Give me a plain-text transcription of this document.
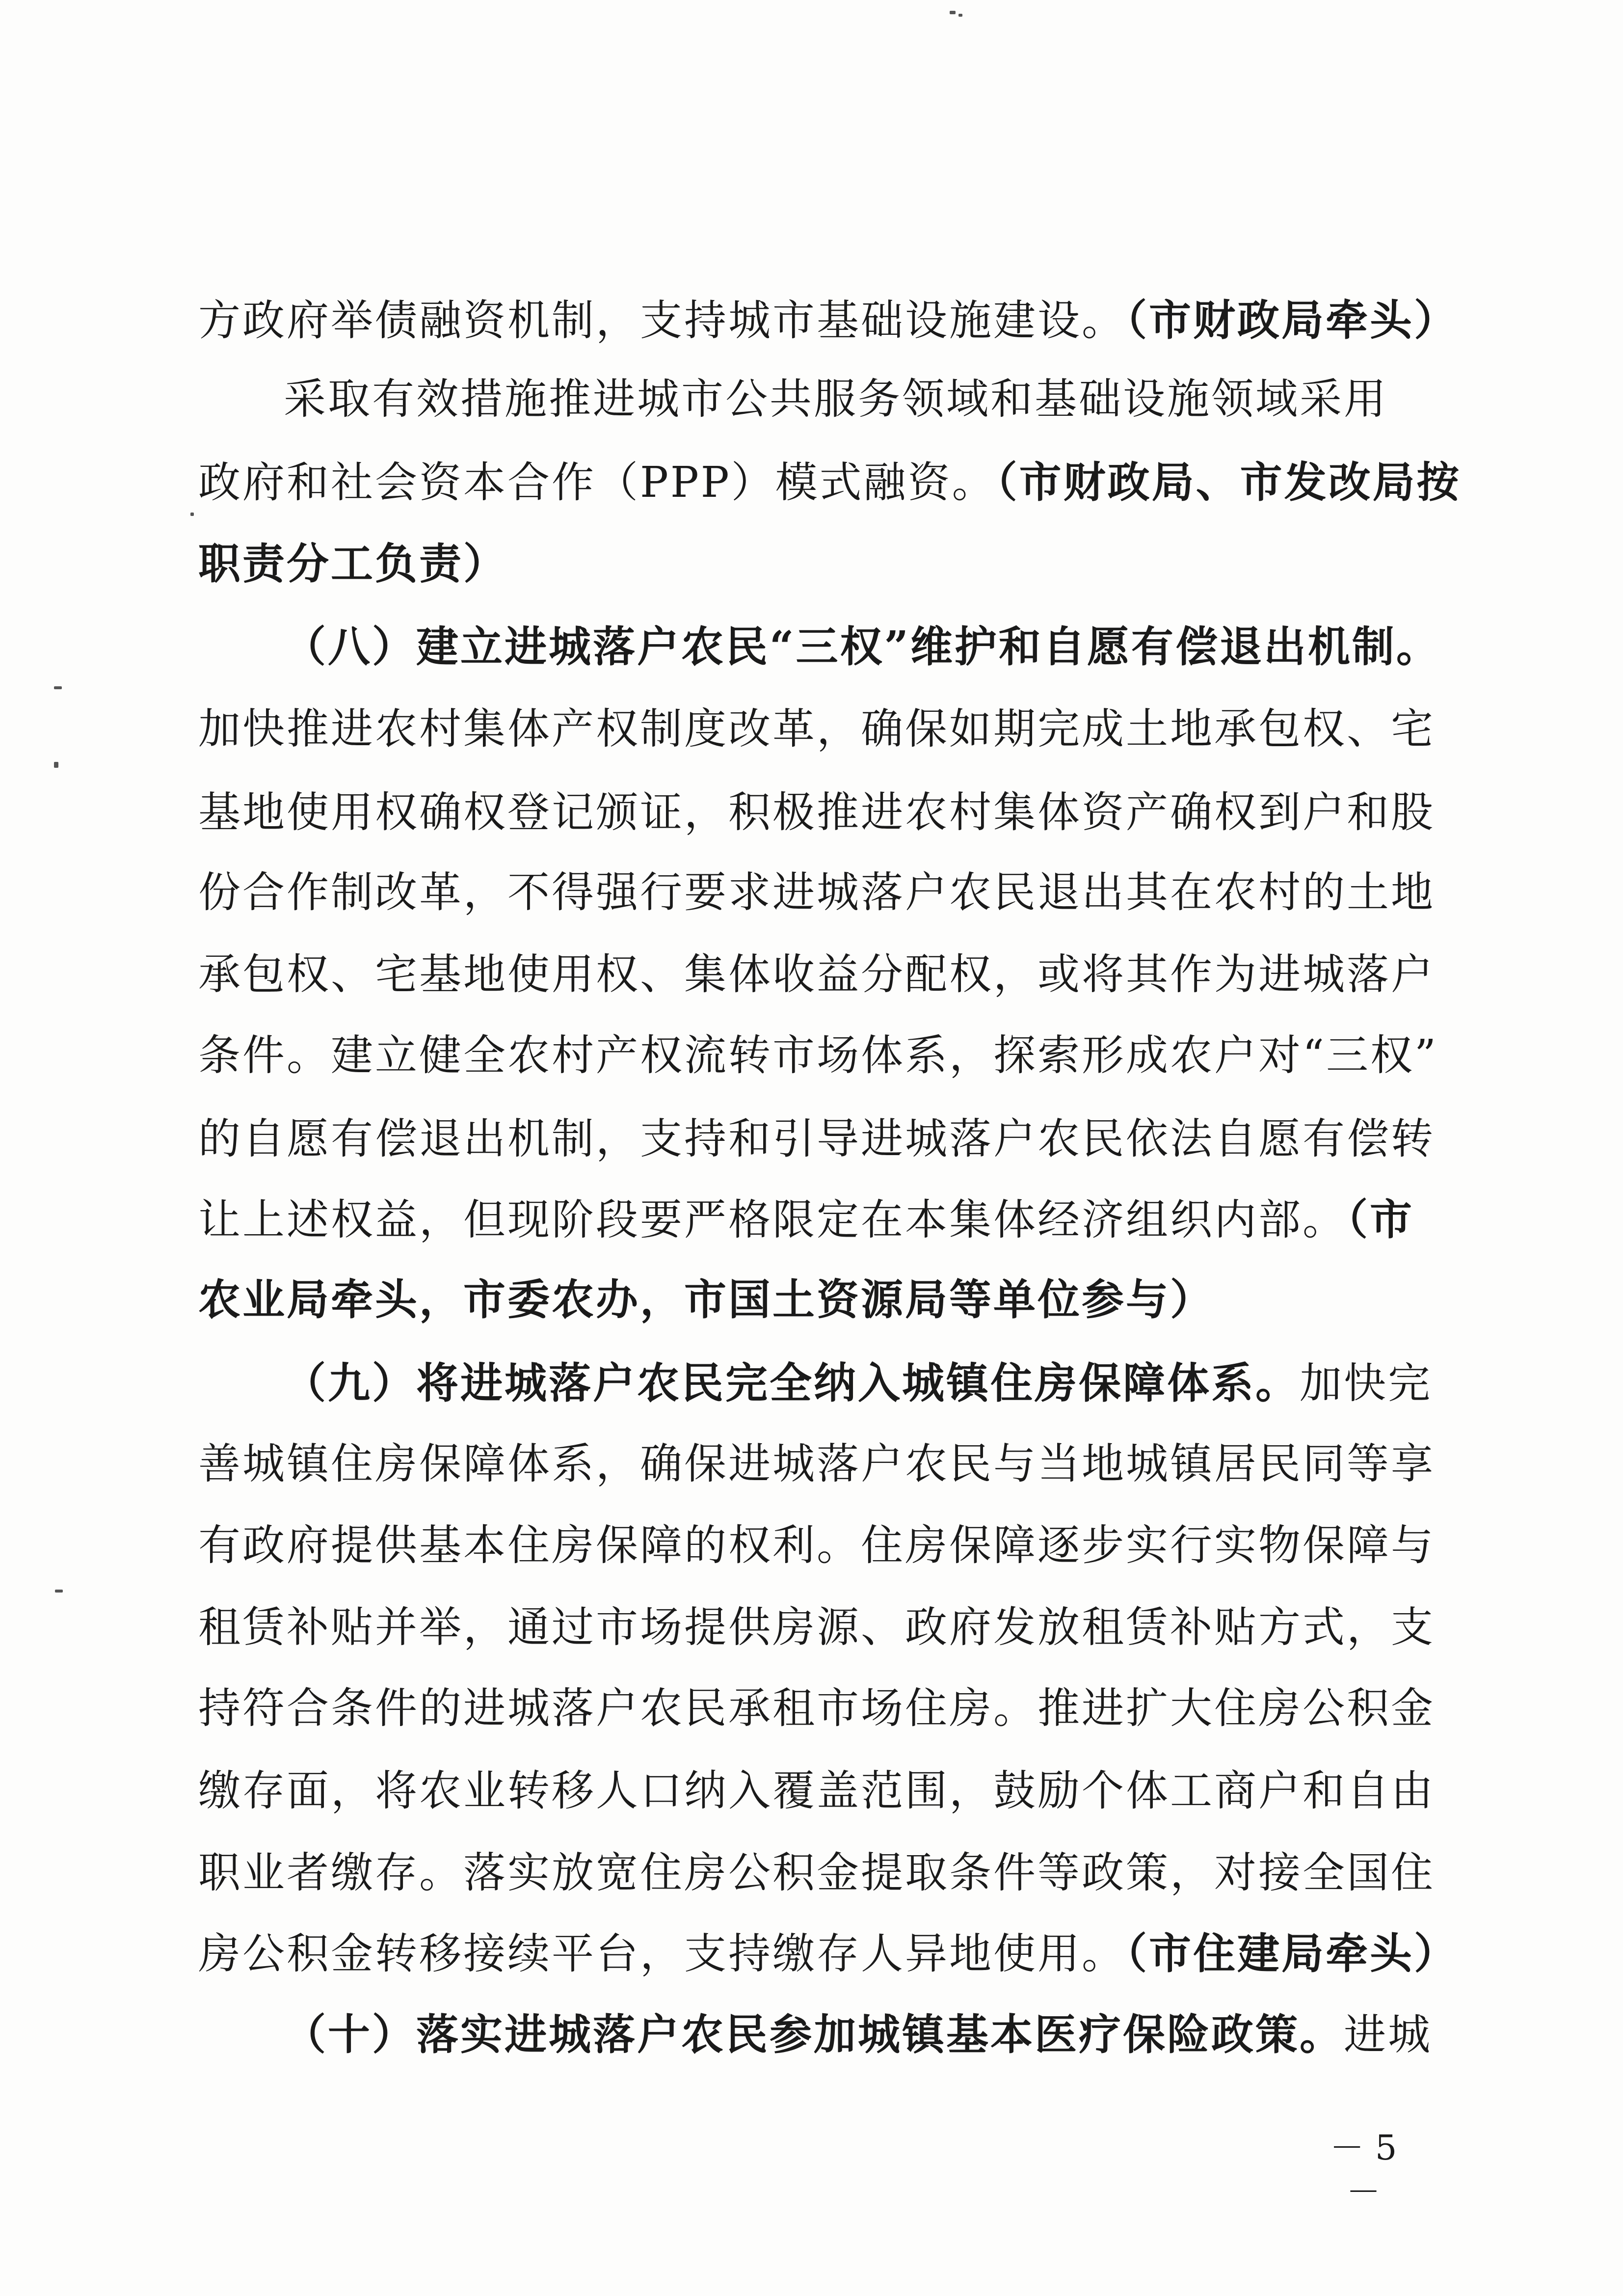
方政府举债融资机制，支持城市基础设施建设。（市财政局牵头）
采取有效措施推进城市公共服务领域和基础设施领域采用
政府和社会资本合作（PPP）模式融资。（市财政局、市发改局按
职责分工负责）
（八）建立进城落户农民“三权”维护和自愿有偿退出机制。
加快推进农村集体产权制度改革，确保如期完成土地承包权、宅
基地使用权确权登记颁证，积极推进农村集体资产确权到户和股
份合作制改革，不得强行要求进城落户农民退出其在农村的土地
承包权、宅基地使用权、集体收益分配权，或将其作为进城落户
条件。建立健全农村产权流转市场体系，探索形成农户对“三权”
的自愿有偿退出机制，支持和引导进城落户农民依法自愿有偿转
让上述权益，但现阶段要严格限定在本集体经济组织内部。（市
农业局牵头，市委农办，市国土资源局等单位参与）
（九）将进城落户农民完全纳入城镇住房保障体系。加快完
善城镇住房保障体系，确保进城落户农民与当地城镇居民同等享
有政府提供基本住房保障的权利。住房保障逐步实行实物保障与
租赁补贴并举，通过市场提供房源、政府发放租赁补贴方式，支
持符合条件的进城落户农民承租市场住房。推进扩大住房公积金
缴存面，将农业转移人口纳入覆盖范围，鼓励个体工商户和自由
职业者缴存。落实放宽住房公积金提取条件等政策，对接全国住
房公积金转移接续平台，支持缴存人异地使用。（市住建局牵头）
（十）落实进城落户农民参加城镇基本医疗保险政策。进城
－ 5 －
